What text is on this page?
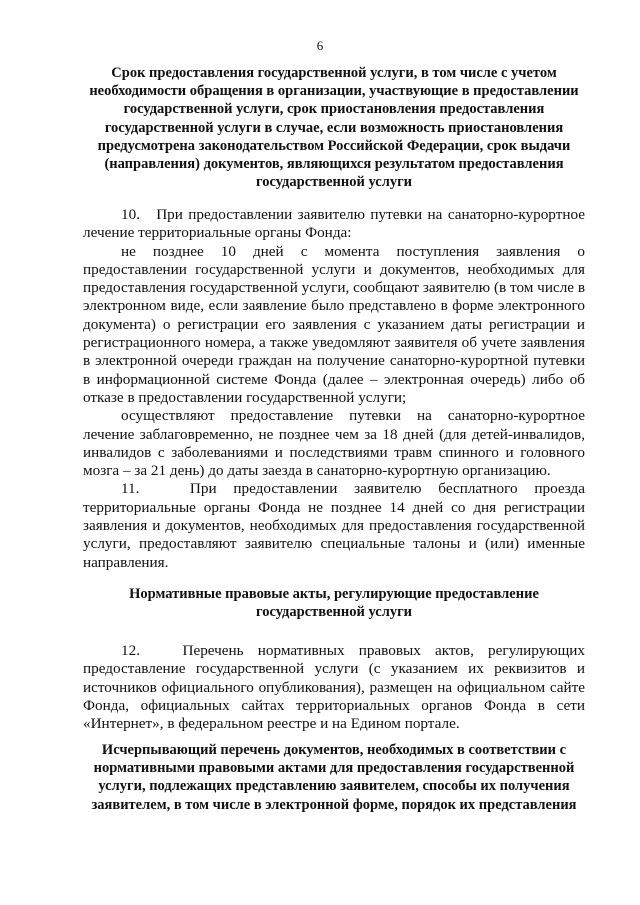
6

Срок предоставления государственной услуги, в том числе с учетом необходимости обращения в организации, участвующие в предоставлении государственной услуги, срок приостановления предоставления государственной услуги в случае, если возможность приостановления предусмотрена законодательством Российской Федерации, срок выдачи (направления) документов, являющихся результатом предоставления государственной услуги

10.   При предоставлении заявителю путевки на санаторно-курортное лечение территориальные органы Фонда:

не позднее 10 дней с момента поступления заявления о предоставлении государственной услуги и документов, необходимых для предоставления государственной услуги, сообщают заявителю (в том числе в электронном виде, если заявление было представлено в форме электронного документа) о регистрации его заявления с указанием даты регистрации и регистрационного номера, а также уведомляют заявителя об учете заявления в электронной очереди граждан на получение санаторно-курортной путевки в информационной системе Фонда (далее – электронная очередь) либо об отказе в предоставлении государственной услуги;

осуществляют предоставление путевки на санаторно-курортное лечение заблаговременно, не позднее чем за 18 дней (для детей-инвалидов, инвалидов с заболеваниями и последствиями травм спинного и головного мозга – за 21 день) до даты заезда в санаторно-курортную организацию.

11.   При предоставлении заявителю бесплатного проезда территориальные органы Фонда не позднее 14 дней со дня регистрации заявления и документов, необходимых для предоставления государственной услуги, предоставляют заявителю специальные талоны и (или) именные направления.

Нормативные правовые акты, регулирующие предоставление государственной услуги

12.   Перечень нормативных правовых актов, регулирующих предоставление государственной услуги (с указанием их реквизитов и источников официального опубликования), размещен на официальном сайте Фонда, официальных сайтах территориальных органов Фонда в сети «Интернет», в федеральном реестре и на Едином портале.

Исчерпывающий перечень документов, необходимых в соответствии с нормативными правовыми актами для предоставления государственной услуги, подлежащих представлению заявителем, способы их получения заявителем, в том числе в электронной форме, порядок их представления
